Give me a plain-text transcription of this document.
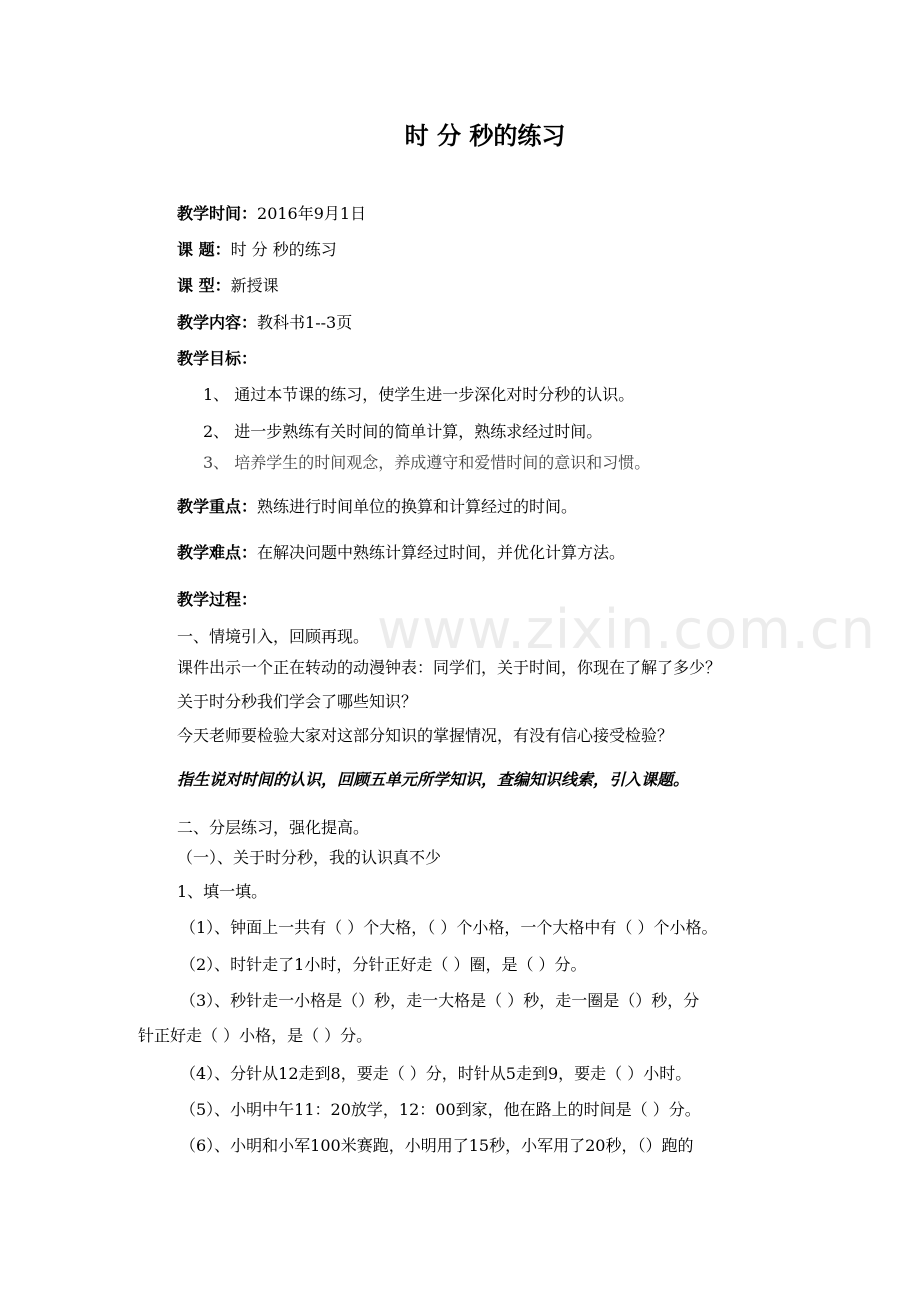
www.zixin.com.cn
时 分 秒的练习
教学时间：2016年9月1日
课 题：时 分 秒的练习
课 型：新授课
教学内容：教科书1--3页
教学目标：
1、 通过本节课的练习，使学生进一步深化对时分秒的认识。
2、 进一步熟练有关时间的简单计算，熟练求经过时间。
3、 培养学生的时间观念，养成遵守和爱惜时间的意识和习惯。
教学重点：熟练进行时间单位的换算和计算经过的时间。
教学难点：在解决问题中熟练计算经过时间，并优化计算方法。
教学过程：
一、情境引入，回顾再现。
课件出示一个正在转动的动漫钟表：同学们，关于时间，你现在了解了多少？
关于时分秒我们学会了哪些知识？
今天老师要检验大家对这部分知识的掌握情况，有没有信心接受检验？
指生说对时间的认识，回顾五单元所学知识，查编知识线索，引入课题。
二、分层练习，强化提高。
（一）、关于时分秒，我的认识真不少
1、填一填。
（1）、钟面上一共有（ ）个大格，（ ）个小格，一个大格中有（ ）个小格。
（2）、时针走了1小时，分针正好走（ ）圈，是（ ）分。
（3）、秒针走一小格是（）秒，走一大格是（ ）秒，走一圈是（）秒，分
针正好走（ ）小格，是（ ）分。
（4）、分针从12走到8，要走（ ）分，时针从5走到9，要走（ ）小时。
（5）、小明中午11：20放学，12：00到家，他在路上的时间是（ ）分。
（6）、小明和小军100米赛跑，小明用了15秒，小军用了20秒，（）跑的
